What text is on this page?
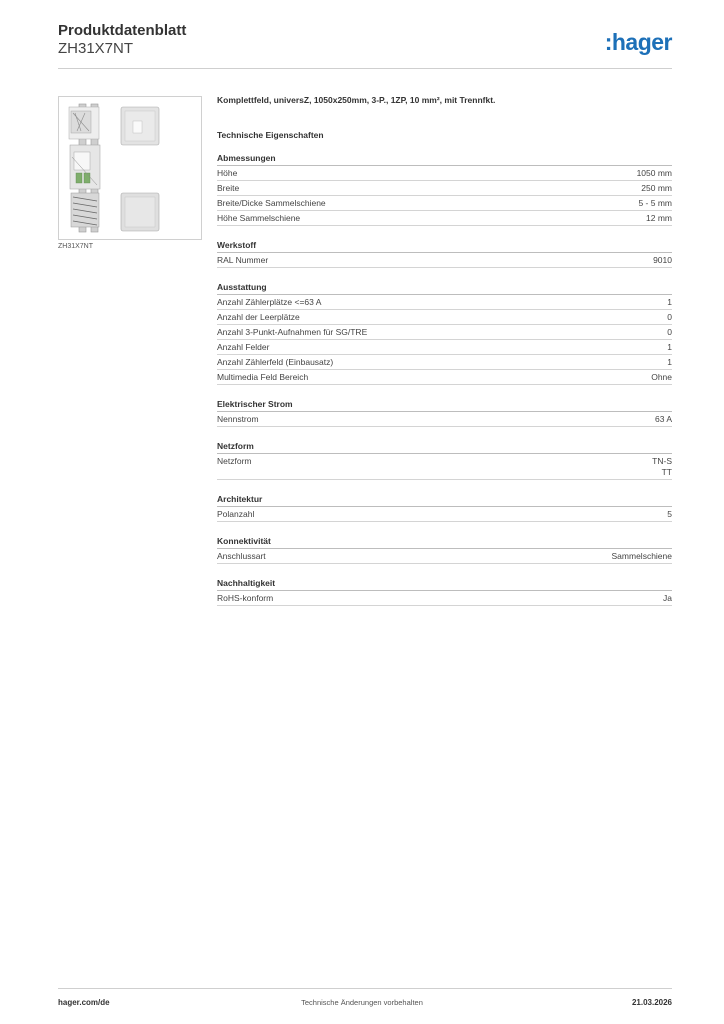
Produktdatenblatt
ZH31X7NT	:hager
ZH31X7NT
Komplettfeld, universZ, 1050x250mm, 3-P., 1ZP, 10 mm², mit Trennfkt.
Technische Eigenschaften
Abmessungen
Höhe	1050 mm
Breite	250 mm
Breite/Dicke Sammelschiene	5 - 5 mm
Höhe Sammelschiene	12 mm
Werkstoff
RAL Nummer	9010
Ausstattung
Anzahl Zählerplätze <=63 A	1
Anzahl der Leerplätze	0
Anzahl 3-Punkt-Aufnahmen für SG/TRE	0
Anzahl Felder	1
Anzahl Zählerfeld (Einbausatz)	1
Multimedia Feld Bereich	Ohne
Elektrischer Strom
Nennstrom	63 A
Netzform
Netzform	TN-S
TT
Architektur
Polanzahl	5
Konnektivität
Anschlussart	Sammelschiene
Nachhaltigkeit
RoHS-konform	Ja
hager.com/de	Technische Änderungen vorbehalten	21.03.2026
